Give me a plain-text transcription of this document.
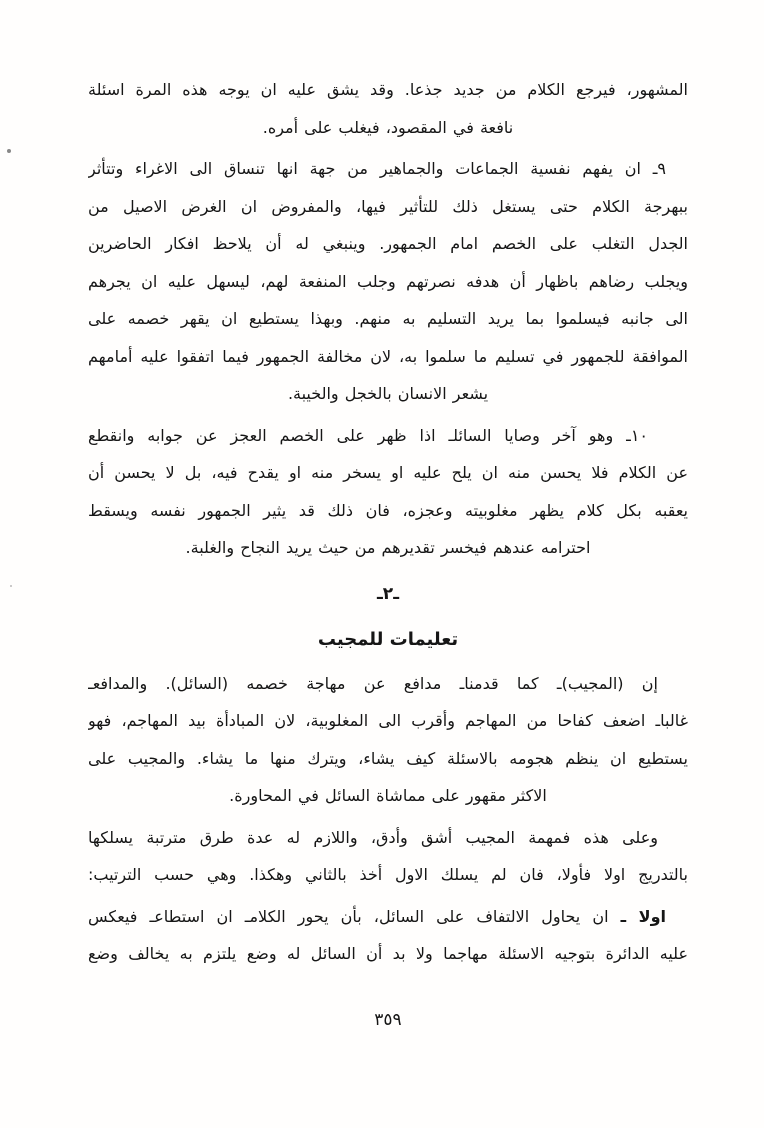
المشهور، فيرجع الكلام من جديد جذعا. وقد يشق عليه ان يوجه هذه المرة اسئلة
نافعة في المقصود، فيغلب على أمره.

٩ـ ان يفهم نفسية الجماعات والجماهير من جهة انها تنساق الى الاغراء وتتأثر
ببهرجة الكلام حتى يستغل ذلك للتأثير فيها، والمفروض ان الغرض الاصيل من
الجدل التغلب على الخصم امام الجمهور. وينبغي له أن يلاحظ افكار الحاضرين
ويجلب رضاهم باظهار أن هدفه نصرتهم وجلب المنفعة لهم، ليسهل عليه ان يجرهم
الى جانبه فيسلموا بما يريد التسليم به منهم. وبهذا يستطيع ان يقهر خصمه على
الموافقة للجمهور في تسليم ما سلموا به، لان مخالفة الجمهور فيما اتفقوا عليه أمامهم
يشعر الانسان بالخجل والخيبة.

١٠ـ وهو آخر وصايا السائلـ اذا ظهر على الخصم العجز عن جوابه وانقطع
عن الكلام فلا يحسن منه ان يلح عليه او يسخر منه او يقدح فيه، بل لا يحسن أن
يعقبه بكل كلام يظهر مغلوبيته وعجزه، فان ذلك قد يثير الجمهور نفسه ويسقط
احترامه عندهم فيخسر تقديرهم من حيث يريد النجاح والغلبة.

ـ٢ـ
تعليمات للمجيب

إن (المجيب)ـ كما قدمناـ مدافع عن مهاجة خصمه (السائل). والمدافعـ
غالباـ اضعف كفاحا من المهاجم وأقرب الى المغلوبية، لان المبادأة بيد المهاجم، فهو
يستطيع ان ينظم هجومه بالاسئلة كيف يشاء، ويترك منها ما يشاء. والمجيب على
الاكثر مقهور على مماشاة السائل في المحاورة.

وعلى هذه فمهمة المجيب أشق وأدق، واللازم له عدة طرق مترتبة يسلكها
بالتدريج اولا فأولا، فان لم يسلك الاول أخذ بالثاني وهكذا. وهي حسب الترتيب:

اولا ـ ان يحاول الالتفاف على السائل، بأن يحور الكلامـ ان استطاعـ فيعكس
عليه الدائرة بتوجيه الاسئلة مهاجما ولا بد أن السائل له وضع يلتزم به يخالف وضع

٣٥٩
